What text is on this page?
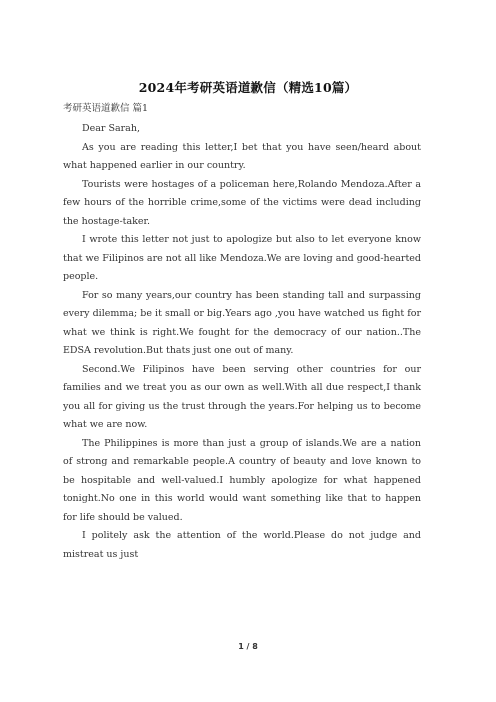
2024年考研英语道歉信（精选10篇）
考研英语道歉信 篇1

Dear Sarah,

As you are reading this letter,I bet that you have seen/heard about what happened earlier in our country.

Tourists were hostages of a policeman here,Rolando Mendoza.After a few hours of the horrible crime,some of the victims were dead including the hostage-taker.

I wrote this letter not just to apologize but also to let everyone know that we Filipinos are not all like Mendoza.We are loving and good-hearted people.

For so many years,our country has been standing tall and surpassing every dilemma; be it small or big.Years ago ,you have watched us fight for what we think is right.We fought for the democracy of our nation..The EDSA revolution.But thats just one out of many.

Second.We Filipinos have been serving other countries for our families and we treat you as our own as well.With all due respect,I thank you all for giving us the trust through the years.For helping us to become what we are now.

The Philippines is more than just a group of islands.We are a nation of strong and remarkable people.A country of beauty and love known to be hospitable and well-valued.I humbly apologize for what happened tonight.No one in this world would want something like that to happen for life should be valued.

I politely ask the attention of the world.Please do not judge and mistreat us just

1 / 8
